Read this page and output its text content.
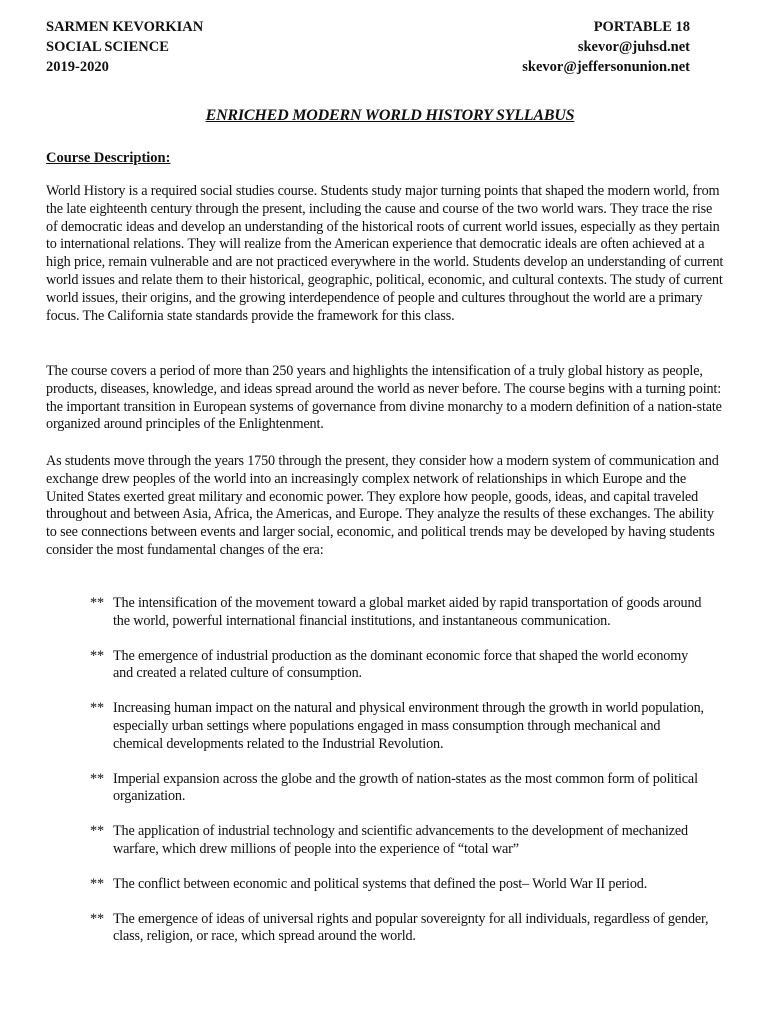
SARMEN KEVORKIAN
SOCIAL SCIENCE
2019-2020
PORTABLE 18
skevor@juhsd.net
skevor@jeffersonunion.net
ENRICHED MODERN WORLD HISTORY SYLLABUS
Course Description:

World History is a required social studies course. Students study major turning points that shaped the modern world, from the late eighteenth century through the present, including the cause and course of the two world wars. They trace the rise of democratic ideas and develop an understanding of the historical roots of current world issues, especially as they pertain to international relations. They will realize from the American experience that democratic ideals are often achieved at a high price, remain vulnerable and are not practiced everywhere in the world. Students develop an understanding of current world issues and relate them to their historical, geographic, political, economic, and cultural contexts. The study of current world issues, their origins, and the growing interdependence of people and cultures throughout the world are a primary focus. The California state standards provide the framework for this class.

The course covers a period of more than 250 years and highlights the intensification of a truly global history as people, products, diseases, knowledge, and ideas spread around the world as never before. The course begins with a turning point: the important transition in European systems of governance from divine monarchy to a modern definition of a nation-state organized around principles of the Enlightenment.

As students move through the years 1750 through the present, they consider how a modern system of communication and exchange drew peoples of the world into an increasingly complex network of relationships in which Europe and the United States exerted great military and economic power. They explore how people, goods, ideas, and capital traveled throughout and between Asia, Africa, the Americas, and Europe. They analyze the results of these exchanges. The ability to see connections between events and larger social, economic, and political trends may be developed by having students consider the most fundamental changes of the era:

** The intensification of the movement toward a global market aided by rapid transportation of goods around the world, powerful international financial institutions, and instantaneous communication.
** The emergence of industrial production as the dominant economic force that shaped the world economy and created a related culture of consumption.
** Increasing human impact on the natural and physical environment through the growth in world population, especially urban settings where populations engaged in mass consumption through mechanical and chemical developments related to the Industrial Revolution.
** Imperial expansion across the globe and the growth of nation-states as the most common form of political organization.
** The application of industrial technology and scientific advancements to the development of mechanized warfare, which drew millions of people into the experience of “total war”
** The conflict between economic and political systems that defined the post– World War II period.
** The emergence of ideas of universal rights and popular sovereignty for all individuals, regardless of gender, class, religion, or race, which spread around the world.
